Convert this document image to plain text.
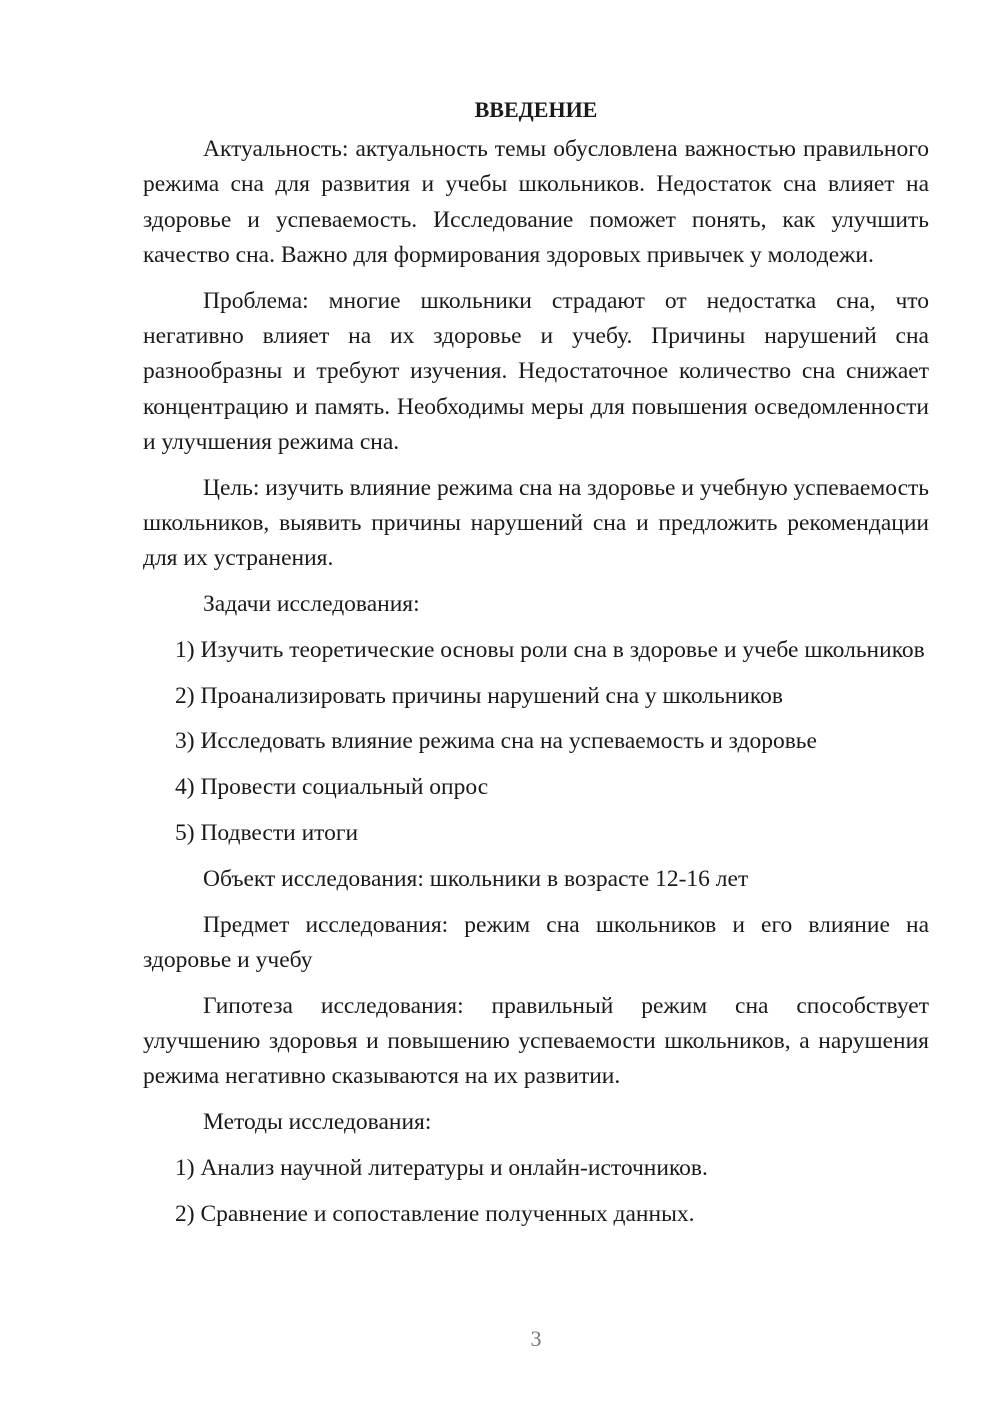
ВВЕДЕНИЕ

Актуальность: актуальность темы обусловлена важностью правильного режима сна для развития и учебы школьников. Недостаток сна влияет на здоровье и успеваемость. Исследование поможет понять, как улучшить качество сна. Важно для формирования здоровых привычек у молодежи.

Проблема: многие школьники страдают от недостатка сна, что негативно влияет на их здоровье и учебу. Причины нарушений сна разнообразны и требуют изучения. Недостаточное количество сна снижает концентрацию и память. Необходимы меры для повышения осведомленности и улучшения режима сна.

Цель: изучить влияние режима сна на здоровье и учебную успеваемость школьников, выявить причины нарушений сна и предложить рекомендации для их устранения.

Задачи исследования:

1) Изучить теоретические основы роли сна в здоровье и учебе школьников

2) Проанализировать причины нарушений сна у школьников

3) Исследовать влияние режима сна на успеваемость и здоровье

4) Провести социальный опрос

5) Подвести итоги

Объект исследования: школьники в возрасте 12-16 лет

Предмет исследования: режим сна школьников и его влияние на здоровье и учебу

Гипотеза исследования: правильный режим сна способствует улучшению здоровья и повышению успеваемости школьников, а нарушения режима негативно сказываются на их развитии.

Методы исследования:

1) Анализ научной литературы и онлайн-источников.

2) Сравнение и сопоставление полученных данных.

3
